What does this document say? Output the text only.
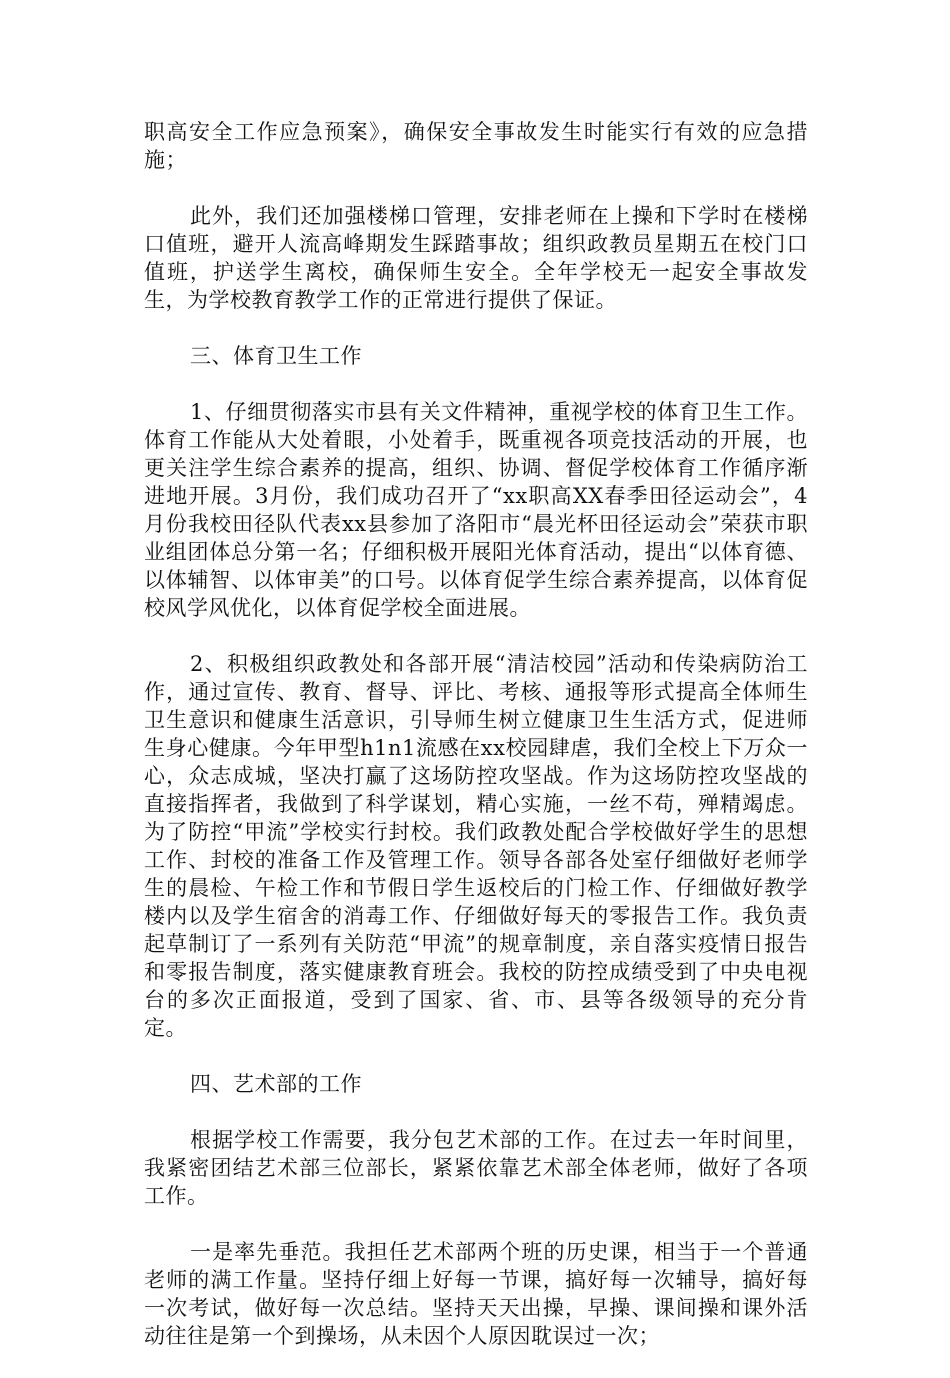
职高安全工作应急预案》，确保安全事故发生时能实行有效的应急措施；

此外，我们还加强楼梯口管理，安排老师在上操和下学时在楼梯口值班，避开人流高峰期发生踩踏事故；组织政教员星期五在校门口值班，护送学生离校，确保师生安全。全年学校无一起安全事故发生，为学校教育教学工作的正常进行提供了保证。

三、体育卫生工作

1、仔细贯彻落实市县有关文件精神，重视学校的体育卫生工作。体育工作能从大处着眼，小处着手，既重视各项竞技活动的开展，也更关注学生综合素养的提高，组织、协调、督促学校体育工作循序渐进地开展。3月份，我们成功召开了“xx职高XX春季田径运动会”，4月份我校田径队代表xx县参加了洛阳市“晨光杯田径运动会”荣获市职业组团体总分第一名；仔细积极开展阳光体育活动，提出“以体育德、以体辅智、以体审美”的口号。以体育促学生综合素养提高，以体育促校风学风优化，以体育促学校全面进展。

2、积极组织政教处和各部开展“清洁校园”活动和传染病防治工作，通过宣传、教育、督导、评比、考核、通报等形式提高全体师生卫生意识和健康生活意识，引导师生树立健康卫生生活方式，促进师生身心健康。今年甲型h1n1流感在xx校园肆虐，我们全校上下万众一心，众志成城，坚决打赢了这场防控攻坚战。作为这场防控攻坚战的直接指挥者，我做到了科学谋划，精心实施，一丝不苟，殚精竭虑。为了防控“甲流”学校实行封校。我们政教处配合学校做好学生的思想工作、封校的准备工作及管理工作。领导各部各处室仔细做好老师学生的晨检、午检工作和节假日学生返校后的门检工作、仔细做好教学楼内以及学生宿舍的消毒工作、仔细做好每天的零报告工作。我负责起草制订了一系列有关防范“甲流”的规章制度，亲自落实疫情日报告和零报告制度，落实健康教育班会。我校的防控成绩受到了中央电视台的多次正面报道，受到了国家、省、市、县等各级领导的充分肯定。

四、艺术部的工作

根据学校工作需要，我分包艺术部的工作。在过去一年时间里，我紧密团结艺术部三位部长，紧紧依靠艺术部全体老师，做好了各项工作。

一是率先垂范。我担任艺术部两个班的历史课，相当于一个普通老师的满工作量。坚持仔细上好每一节课，搞好每一次辅导，搞好每一次考试，做好每一次总结。坚持天天出操，早操、课间操和课外活动往往是第一个到操场，从未因个人原因耽误过一次；
